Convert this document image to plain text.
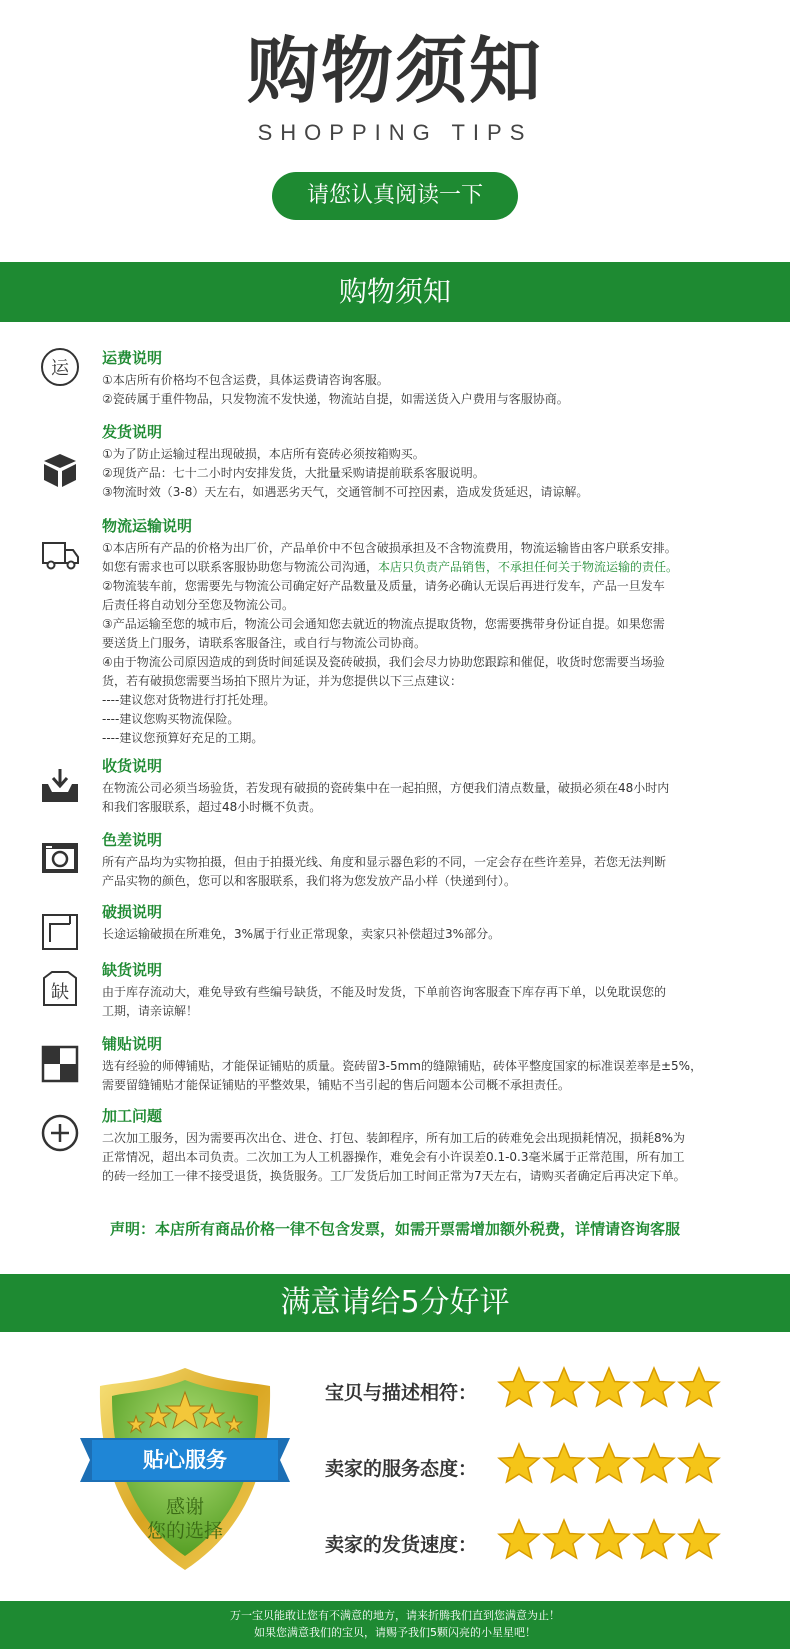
购物须知
SHOPPING TIPS
请您认真阅读一下
购物须知
运 运费说明
①本店所有价格均不包含运费，具体运费请咨询客服。
②瓷砖属于重件物品，只发物流不发快递，物流站自提，如需送货入户费用与客服协商。
发货说明
①为了防止运输过程出现破损，本店所有瓷砖必须按箱购买。
②现货产品：七十二小时内安排发货，大批量采购请提前联系客服说明。
③物流时效（3-8）天左右，如遇恶劣天气，交通管制不可控因素，造成发货延迟，请谅解。
物流运输说明
①本店所有产品的价格为出厂价，产品单价中不包含破损承担及不含物流费用，物流运输皆由客户联系安排。
如您有需求也可以联系客服协助您与物流公司沟通，本店只负责产品销售，不承担任何关于物流运输的责任。
②物流装车前，您需要先与物流公司确定好产品数量及质量，请务必确认无误后再进行发车，产品一旦发车
后责任将自动划分至您及物流公司。
③产品运输至您的城市后，物流公司会通知您去就近的物流点提取货物，您需要携带身份证自提。如果您需
要送货上门服务，请联系客服备注，或自行与物流公司协商。
④由于物流公司原因造成的到货时间延误及瓷砖破损，我们会尽力协助您跟踪和催促，收货时您需要当场验
货，若有破损您需要当场拍下照片为证，并为您提供以下三点建议：
----建议您对货物进行打托处理。
----建议您购买物流保险。
----建议您预算好充足的工期。
收货说明
在物流公司必须当场验货，若发现有破损的瓷砖集中在一起拍照，方便我们清点数量，破损必须在48小时内
和我们客服联系，超过48小时概不负责。
色差说明
所有产品均为实物拍摄，但由于拍摄光线、角度和显示器色彩的不同，一定会存在些许差异，若您无法判断
产品实物的颜色，您可以和客服联系，我们将为您发放产品小样（快递到付）。
破损说明
长途运输破损在所难免，3%属于行业正常现象，卖家只补偿超过3%部分。
缺
缺货说明
由于库存流动大，难免导致有些编号缺货，不能及时发货，下单前咨询客服查下库存再下单，以免耽误您的
工期，请亲谅解！
铺贴说明
选有经验的师傅铺贴，才能保证铺贴的质量。瓷砖留3-5mm的缝隙铺贴，砖体平整度国家的标准误差率是±5%，
需要留缝铺贴才能保证铺贴的平整效果，铺贴不当引起的售后问题本公司概不承担责任。
加工问题
二次加工服务，因为需要再次出仓、进仓、打包、装卸程序，所有加工后的砖难免会出现损耗情况，损耗8%为
正常情况，超出本司负责。二次加工为人工机器操作，难免会有小许误差0.1-0.3毫米属于正常范围，所有加工
的砖一经加工一律不接受退货，换货服务。工厂发货后加工时间正常为7天左右，请购买者确定后再决定下单。
声明：本店所有商品价格一律不包含发票，如需开票需增加额外税费，详情请咨询客服
满意请给5分好评
贴心服务
感谢
您的选择
宝贝与描述相符：
卖家的服务态度：
卖家的发货速度：
万一宝贝能敢让您有不满意的地方，请来折腾我们直到您满意为止！
如果您满意我们的宝贝，请赐予我们5颗闪亮的小星星吧！
